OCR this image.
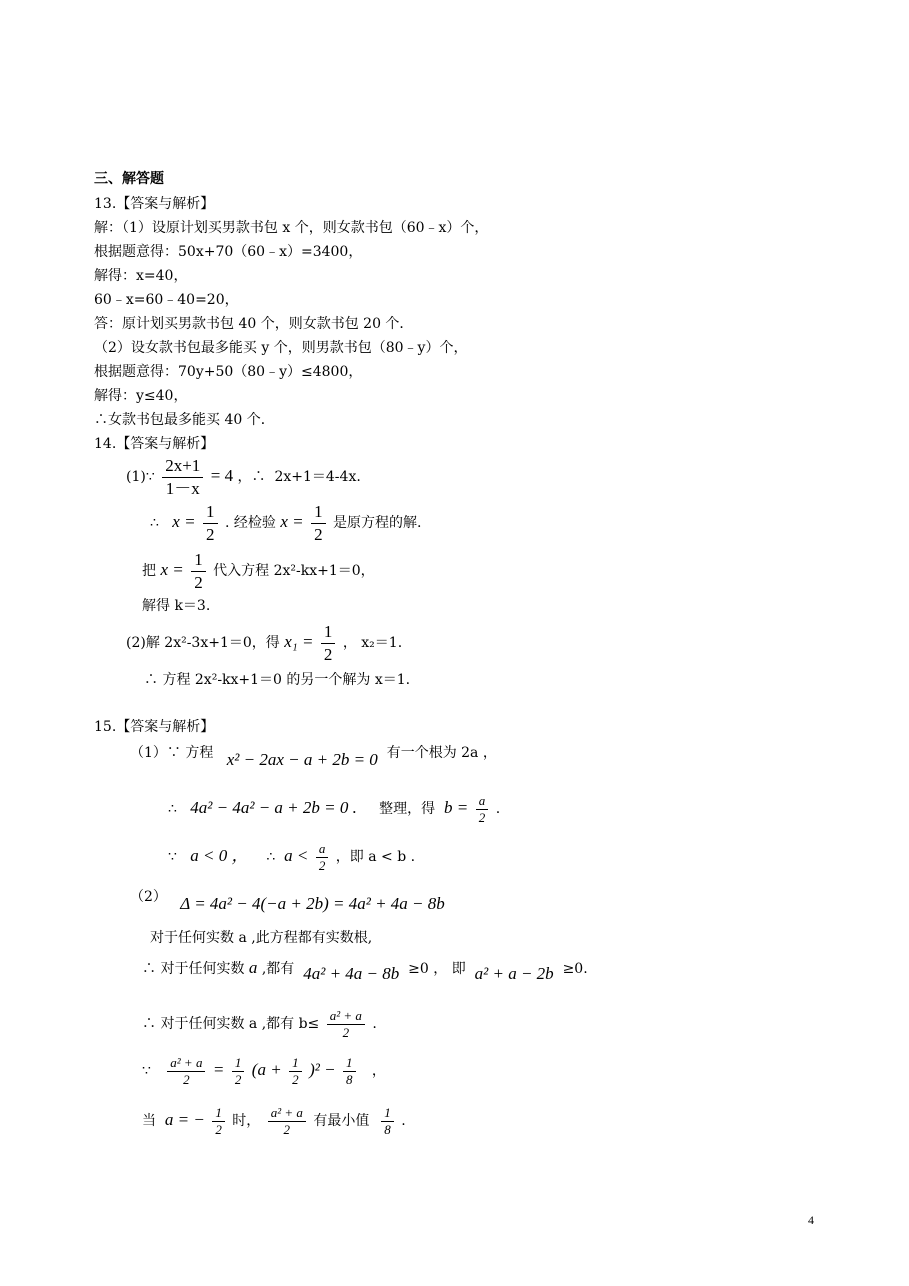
三、解答题
13.【答案与解析】
解：（1）设原计划买男款书包 x 个，则女款书包（60﹣x）个，
根据题意得：50x+70（60﹣x）=3400，
解得：x=40，
60﹣x=60﹣40=20，
答：原计划买男款书包 40 个，则女款书包 20 个．
（2）设女款书包最多能买 y 个，则男款书包（80﹣y）个，
根据题意得：70y+50（80﹣y）≤4800，
解得：y≤40，
∴女款书包最多能买 40 个．
14.【答案与解析】
(1)∵ $\frac{2x+1}{1-x} = 4$ ，∴ 2x+1＝4-4x.
∴ $x = \frac{1}{2}$ . 经检验 $x = \frac{1}{2}$ 是原方程的解.
把 $x = \frac{1}{2}$ 代入方程 2x²-kx+1＝0，
解得 k＝3.
(2)解 2x²-3x+1＝0，得 $x_1 = \frac{1}{2}$ ， x₂＝1.
∴ 方程 2x²-kx+1＝0 的另一个解为 x＝1.
15.【答案与解析】
（1）∵ 方程 x² − 2ax − a + 2b = 0 有一个根为 2a ，
∴ 4a² − 4a² − a + 2b = 0 . 整理，得 $b = \frac{a}{2}$ .
∵ a < 0 ， ∴ $a < \frac{a}{2}$ ，即 a < b .
（2） Δ = 4a² − 4(−a + 2b) = 4a² + 4a − 8b
对于任何实数 a ,此方程都有实数根,
∴ 对于任何实数 a ,都有 4a² + 4a − 8b ≥0 ， 即 a² + a − 2b ≥0.
∴ 对于任何实数 a ,都有 $b\le \frac{\text{a² + a}}{2}$ .
∵ $\frac{\text{a² + a}}{2} = \frac{1}{2} (a + \frac{1}{2} )^2 - \frac{1}{8}$ ，
当 a = − $\frac{1}{2}$ 时， $\frac{\text{a² + a}}{2}$ 有最小值 $\frac{1}{8}$ .
4
